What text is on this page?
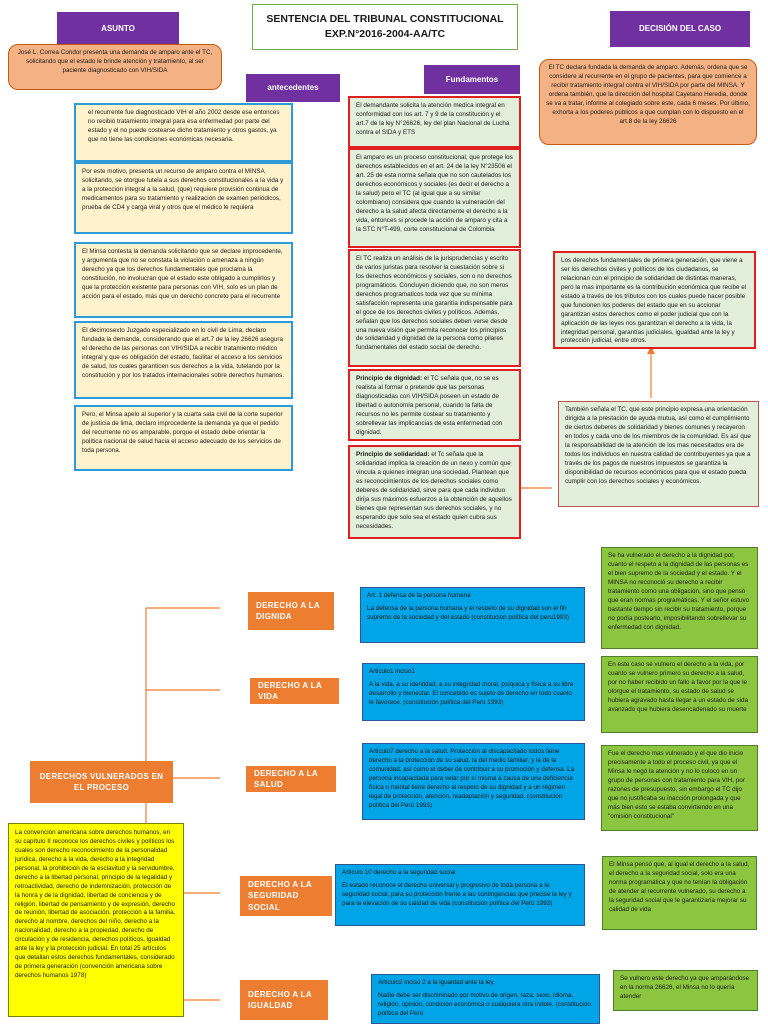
ASUNTO
SENTENCIA DEL TRIBUNAL CONSTITUCIONAL
EXP.N°2016-2004-AA/TC	DECISIÓN DEL CASO
José L. Correa Condor presenta una demanda de amparo ante el TC, solicitando que el estado le brinde atención y tratamiento, al ser paciente diagnosticado con VIH/SIDA	El TC declara fundada la demanda de amparo. Además, ordena que se considere al recurrente en el grupo de pacientes, para que comience a recibir tratamiento integral contra el VIH/SIDA por parte del MINSA. Y ordena también, que la dirección del hospital Cayetano Heredia, donde se va a tratar, informe al colegiado sobre este, cada 6 meses. Por último, exhorta a los poderes públicos a que cumplan con lo dispuesto en el art.8 de la ley 26626
antecedentes
Fundamentos
el recurrente fue diagnosticado VIH el año 2002 desde ese entonces no recibió tratamiento integral para esa enfermedad por parte del estado y el no puede costearse dicho tratamiento y otros gastos, ya que no tiene las condiciones económicas necesaria.
Por este motivo, presenta un recurso de amparo contra el MINSA solicitando, se otorgue tutela a sus derechos constitucionales a la vida y a la protección integral a la salud, (que) requiere provisión continua de medicamentos para su tratamiento y realización de examen periódicos, prueba de CD4 y carga viral y otros que el médico le requiera
El Minsa contesta la demanda solicitando que se declare improcedente, y argumenta que no se constata la violación o amenaza a ningún derecho ya que los derechos fundamentales que proclama la constitución, no involucran que el estado este obligado a cumplirlos y que la protección existente para personas con VIH, solo es un plan de acción para el estado, más que un derecho concreto para el recurrente
El decimosexto Juzgado especializado en lo civil de Lima, declaro fundada la demanda, considerando que el art.7 de la ley 26626 asegura el derecho de las personas con VIH/SIDA a recibir tratamiento médico integral y que es obligación del estado, facilitar el acceso a los servicios de salud, los cuales garanticen sus derechos a la vida, tutelando por la constitución y por los tratados internacionales sobre derechos humanos.
Pero, el Minsa apelo al superior y la cuarta sala civil de la corte superior de justicia de lima, declaro improcedente la demanda ya que el pedido del recurrente no es amparable, porque el estado debe orientar la política nacional de salud hacia el acceso adecuado de los servicios de toda persona.
El demandante solicita la atención medica integral en conformidad con los art. 7 y 9 de la constitución y el art.7 de la ley N°26626, ley del plan Nacional de Lucha contra el SIDA y ETS
El amparo es un proceso constitucional, que protege los derechos establecidos en el art. 24 de la ley N°23506 el art. 25 de esta norma señala que no son cautelados los derechos económicos y sociales (es decir el derecho a la salud) pero el TC (al igual que a su similar colombiano) considera que cuando la vulneración del derecho a la salud afecta directamente el derecho a la vida, entonces si procede la acción de amparo y cita a la STC N°T-499, corte constitucional de Colombia
El TC realiza un análisis de la jurisprudencias y escrito de varios juristas para resolver la cuestación sobre si los derechos económicos y sociales, son o no derechos programáticos. Concluyen diciendo que, no son meros derechos programaticos toda vez que su mínima satisfacción representa una garantía indispensable para el goce de los derechos civiles y políticos. Además, señalan que los derechos sociales deben verse desde una nueva visión que permita reconocer los principios de solidaridad y dignidad de la persona como pilares fundamentales del estado social de derecho.
Principio de dignidad: el TC señala que, no se es realista al formar o pretende que las personas diagnosticadas con VIH/SIDA poseen un estado de libertad o autonomía personal, cuando la falta de recursos no les permite costear su tratamiento y sobrellevar las implicancias de esta enfermedad con dignidad.
Principio de solidaridad: el Tc señala que la solidaridad implica la creación de un nexo y común que vincula a quienes integran una sociedad. Plantean que es reconocimientos de los derechos sociales como deberes de solidaridad, sirve para que cada individuo dirija sus máximos esfuerzos a la obtención de aquellos bienes que representan sus derechos sociales, y no esperando que solo sea el estado quien cubra sus necesidades.
Los derechos fundamentales de primera generación, que viene a ser los derechos civiles y políticos de los ciudadanos, se relacionan con el principio de solidaridad de distintas maneras, pero la mas importante es la contribución económica que recibe el estado a través de los tributos con los cuales puede hacer posible que funcionen los poderes del estado que en su accionar garantizan estos derechos como el poder judicial que con la aplicación de las leyes nos garantizan el derecho a la vida, la integridad personal, garantías judiciales, igualdad ante la ley y protección judicial, entre otros.
También señala el TC, que este principio expresa una orientación dirigida a la prestación de ayuda mutua, así como el cumplimiento de ciertos deberes de solidaridad y bienes comunes y recayeron en todos y cada uno de los miembros de la comunidad. Es así que la responsabilidad de la atención de los mas necesitados era de todos los individuos en nuestra calidad de contribuyentes ya que a través de los pagos de nuestros impuestos se garantiza la disponibilidad de recursos económicos para que el estado pueda cumplir con los derechos sociales y económicos.
DERECHOS VULNERADOS EN EL PROCESO
La convención americana sobre derechos humanos, en su capítulo II reconoce los derechos civiles y políticos los cuales son derecho reconocimiento de la personalidad jurídica, derecho a la vida, derecho a la integridad personal, la prohibición de la esclavitud y la servidumbre, derecho a la libertad personal, principio de la legalidad y retroactividad, derecho de indemnización, protección de la honra y de la dignidad, libertad de conciencia y de religión, libertad de pensamiento y de expresión, derecho de reunión, libertad de asociación, protección a la familia, derecho al nombre, derechos del niño, derecho a la nacionalidad, derecho a la propiedad, derecho de circulación y de residencia, derechos políticos, igualdad ante la ley y la protección judicial. En total 25 artículos que detallan estos derechos fundamentales, considerado de primera generación (convención americana sobre derechos humanos 1978)
DERECHO A LA DIGNIDA
DERECHO A LA VIDA
DERECHO A LA SALUD
DERECHO A LA SEGURIDAD SOCIAL
DERECHO A LA IGUALDAD

Art. 1 defensa de la persona humana

La defensa de la persona humana y el respeto de su dignidad son el fin supremo de la sociedad y del estado (constitución política del peru1993)

Articulo1 inciso1

A la vida, a su identidad, a su integridad moral, psíquica y física a su libre desarrollo y bienestar. El concebido es sujeto de derecho en todo cuanto le favorece. (constitución política del Perú 1993)

Articulo7 derecho a la salud. Protección al discapacitado todos tiene derecho a la protección de su salud, la del medio familiar, y la de la comunidad, así como el deber de contribuir a su promoción y defensa. La persona incapacitada para velar por sí misma a causa de una deficiencia física o mental tiene derecho al respeto de su dignidad y a un régimen legal de protección, atención, readaptación y seguridad. (constitución política del Perú 1993)

Articulo 10 derecho a la seguridad social

El estado reconoce el derecho universal y progresivo de toda persona a la seguridad social, para su protección frente a las contingencias que precise la ley y para la elevación de su calidad de vida (constitución política del Perú 1993)

Articulo2 inciso 2 a la igualdad ante la ley.

Nadie debe ser discriminado por motivo de origen, raza, sexo, idioma, religión, opinión, condición económica o cualquiera otra índole. (constitución política del Perú

Se ha vulnerado el derecho a la dignidad por, cuanto el respeto a la dignidad de las personas es el bien supremo de la sociedad y el estado. Y el MINSA no reconoció su derecho a recibir tratamiento como una obligación, sino que pensó que eran normas programáticas. Y el señor estuvo bastante tiempo sin recibir su tratamiento, porque no podía postearlo, imposibilitando sobrellevar su enfermedad con dignidad.
En este caso se vulnero el derecho a la vida, por cuanto se vulnero primero su derecho a la salud, por no haber recibido un fallo a favor por la que le otorgue el tratamiento, su estado de salud se hubiera agravado hasta llegar a un estado de sida avanzado que hubiera desencadenado su muerte
Fue el derecho mas vulnerado y el que dio inicio precisamente a todo el proceso civil, ya que el Minsa le negó la atención y no lo coloco en un grupo de personas con tratamiento para VIH, por razones de presupuesto, sin embargo el TC dijo que no justificaba su inacción prolongada y que más bien esto se estaba convirtiendo en una "omisión constitucional"
El Minsa pensó que, al igual el derecho a la salud, el derecho a la seguridad social, solo era una norma programática y que no tenían la obligación de atender al recurrente vulnerado, su derecho a la seguridad social que le garantizaría mejorar su calidad de vida
Se vulnero este derecho ya que amparándose en la norma 26626, el Minsa no lo quería atender
